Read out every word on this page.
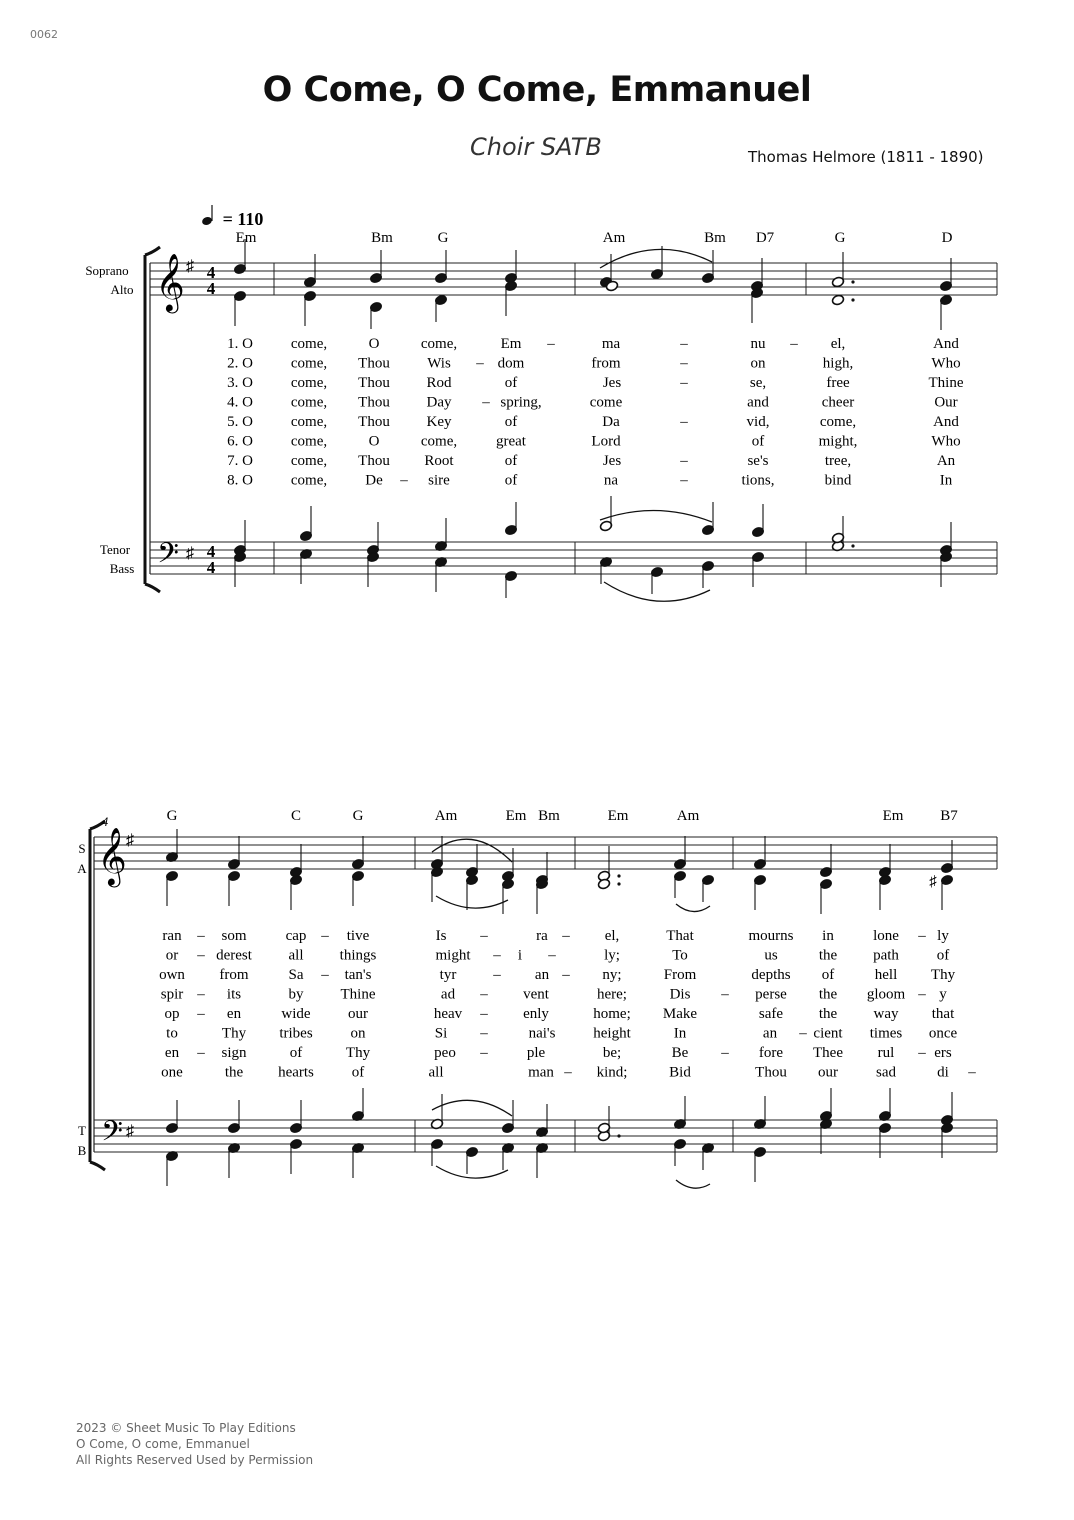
0062
O Come, O Come, Emmanuel
Choir SATB	Thomas Helmore (1811 - 1890)
𝄞 ♯ 4
4
𝄢 ♯ 4
4
= 110
Soprano
Alto
Tenor
Bass
Em	Bm	G	Am	Bm D7	G	D
1. O	come,	O	come,	Em –	ma	–	nu – el,	And
2. O	come, Thou Wis – dom	from	–	on	high,	Who
3. O	come, Thou Rod	of	Jes	–	se,	free	Thine
4. O	come, Thou Day – spring,	come	and	cheer	Our
5. O	come, Thou Key	of	Da	–	vid,	come,	And
6. O	come,	O	come,	great	Lord	of	might,	Who
7. O	come, Thou Root	of	Jes	–	se's	tree,	An
8. O	come,	De – sire	of	na	–	tions,	bind	In
𝄞 ♯
𝄢 ♯
4
S
A
T
B
G	C	G	Am	Em Bm	Em	Am	Em B7
♯
ran – som	cap – tive	Is –	ra – el,	That	mourns in	lone – ly
or – derest all things	might – i –	ly;	To	us	the path	of
own from	Sa – tan's	tyr – an – ny;	From	depths of	hell Thy
spir – its	by Thine	ad – vent	here;	Dis – perse the gloom – y
op – en	wide our	heav – enly	home; Make	safe the way that
to	Thy tribes	on	Si –	nai's	height	In	an – cient times once
en – sign	of	Thy	peo –	ple	be;	Be – fore Thee rul – ers
one	the hearts	of	all	man – kind;	Bid	Thou our	sad	di –
2023 © Sheet Music To Play Editions
O Come, O come, Emmanuel
All Rights Reserved Used by Permission
